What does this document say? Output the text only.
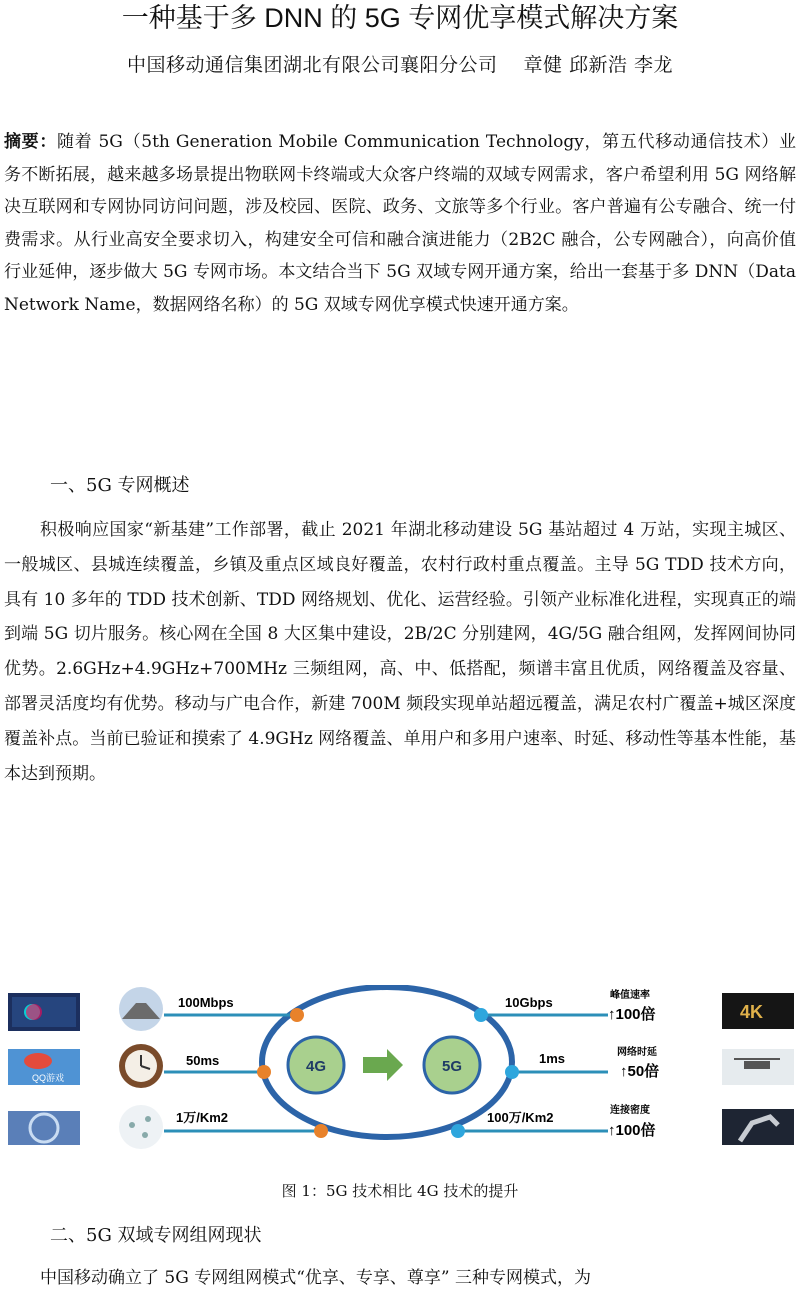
一种基于多 DNN 的 5G 专网优享模式解决方案
中国移动通信集团湖北有限公司襄阳分公司　 章健 邱新浩 李龙
摘要：随着 5G（5th Generation Mobile Communication Technology，第五代移动通信技术）业务不断拓展，越来越多场景提出物联网卡终端或大众客户终端的双域专网需求，客户希望利用 5G 网络解决互联网和专网协同访问问题，涉及校园、医院、政务、文旅等多个行业。客户普遍有公专融合、统一付费需求。从行业高安全要求切入，构建安全可信和融合演进能力（2B2C 融合，公专网融合），向高价值行业延伸，逐步做大 5G 专网市场。本文结合当下 5G 双域专网开通方案，给出一套基于多 DNN（Data Network Name，数据网络名称）的 5G 双域专网优享模式快速开通方案。
一、5G 专网概述
积极响应国家“新基建”工作部署，截止 2021 年湖北移动建设 5G 基站超过 4 万站，实现主城区、一般城区、县城连续覆盖，乡镇及重点区域良好覆盖，农村行政村重点覆盖。主导 5G TDD 技术方向，具有 10 多年的 TDD 技术创新、TDD 网络规划、优化、运营经验。引领产业标准化进程，实现真正的端到端 5G 切片服务。核心网在全国 8 大区集中建设，2B/2C 分别建网，4G/5G 融合组网，发挥网间协同优势。2.6GHz+4.9GHz+700MHz 三频组网，高、中、低搭配，频谱丰富且优质，网络覆盖及容量、部署灵活度均有优势。移动与广电合作，新建 700M 频段实现单站超远覆盖，满足农村广覆盖+城区深度覆盖补点。当前已验证和摸索了 4.9GHz 网络覆盖、单用户和多用户速率、时延、移动性等基本性能，基本达到预期。
QQ游戏
100Mbps
50ms
1万/Km2
4G	5G
10Gbps
1ms
100万/Km2
峰值速率
↑100倍
网络时延
↑50倍
连接密度
↑100倍
4K
图 1：5G 技术相比 4G 技术的提升
二、5G 双域专网组网现状
中国移动确立了 5G 专网组网模式“优享、专享、尊享” 三种专网模式，为
